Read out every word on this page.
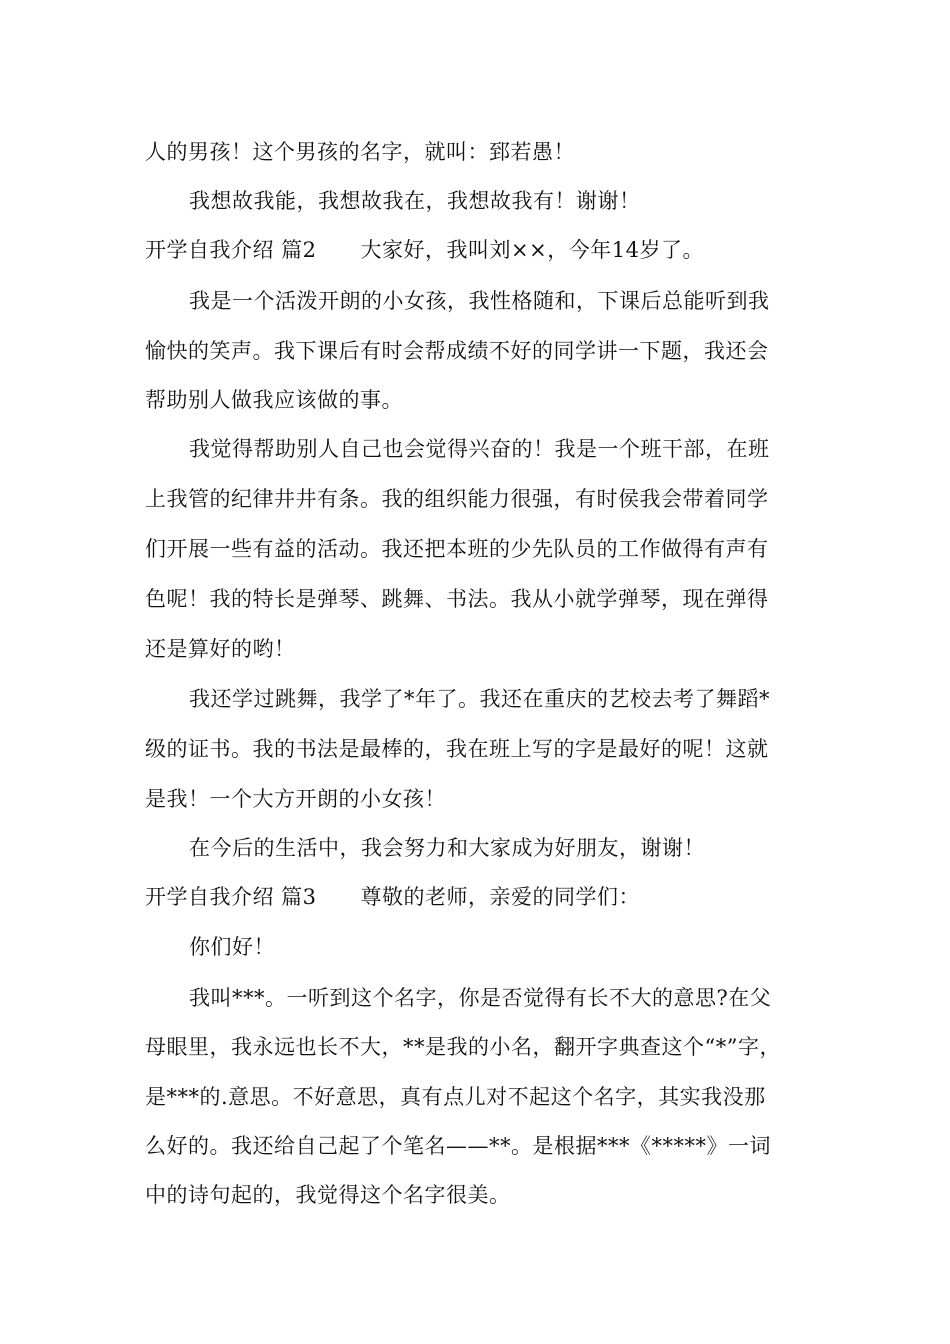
人的男孩！这个男孩的名字，就叫：郅若愚！
我想故我能，我想故我在，我想故我有！谢谢！
开学自我介绍 篇2 大家好，我叫刘××，今年14岁了。
我是一个活泼开朗的小女孩，我性格随和，下课后总能听到我
愉快的笑声。我下课后有时会帮成绩不好的同学讲一下题，我还会
帮助别人做我应该做的事。
我觉得帮助别人自己也会觉得兴奋的！我是一个班干部，在班
上我管的纪律井井有条。我的组织能力很强，有时侯我会带着同学
们开展一些有益的活动。我还把本班的少先队员的工作做得有声有
色呢！我的特长是弹琴、跳舞、书法。我从小就学弹琴，现在弹得
还是算好的哟！
我还学过跳舞，我学了*年了。我还在重庆的艺校去考了舞蹈*
级的证书。我的书法是最棒的，我在班上写的字是最好的呢！这就
是我！一个大方开朗的小女孩！
在今后的生活中，我会努力和大家成为好朋友，谢谢！
开学自我介绍 篇3 尊敬的老师，亲爱的同学们：
你们好！
我叫***。一听到这个名字，你是否觉得有长不大的意思?在父
母眼里，我永远也长不大，**是我的小名，翻开字典查这个“*”字，
是***的.意思。不好意思，真有点儿对不起这个名字，其实我没那
么好的。我还给自己起了个笔名——**。是根据***《*****》一词
中的诗句起的，我觉得这个名字很美。
